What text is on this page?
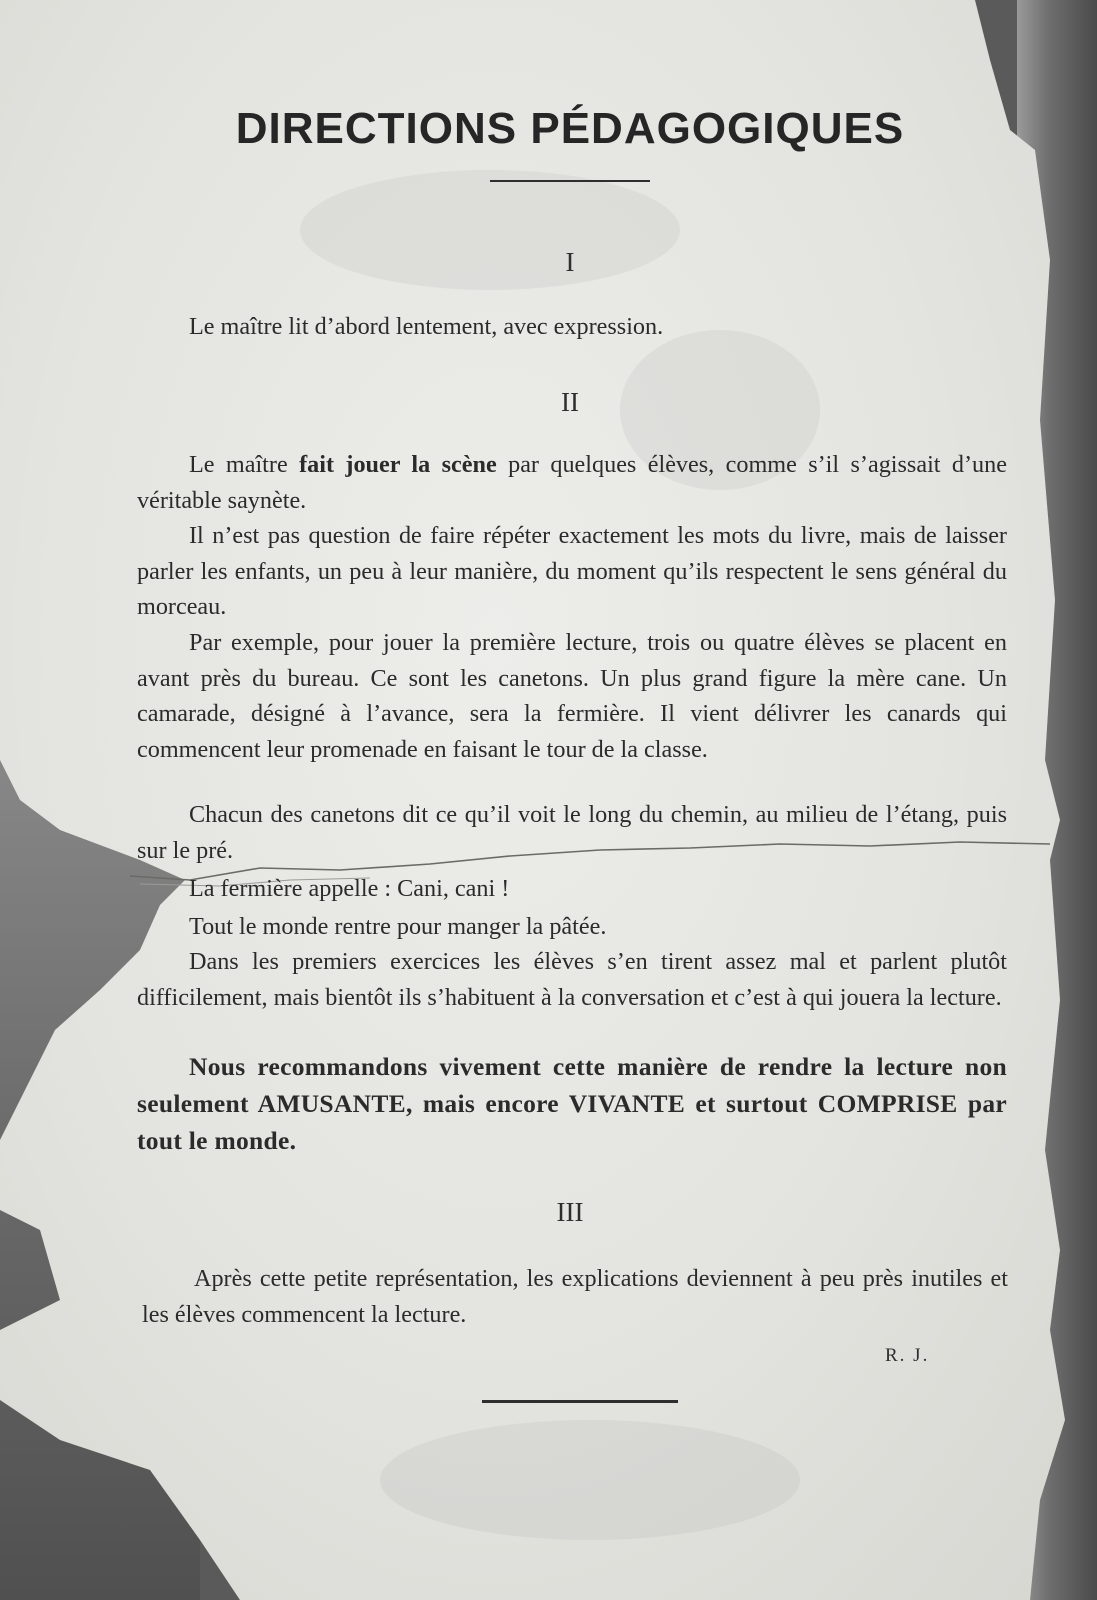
DIRECTIONS PÉDAGOGIQUES
I

Le maître lit d’abord lentement, avec expression.

II

Le maître fait jouer la scène par quelques élèves, comme s’il s’agissait d’une véritable saynète.

Il n’est pas question de faire répéter exactement les mots du livre, mais de laisser parler les enfants, un peu à leur manière, du moment qu’ils respectent le sens général du morceau.

Par exemple, pour jouer la première lecture, trois ou quatre élèves se placent en avant près du bureau. Ce sont les canetons. Un plus grand figure la mère cane. Un camarade, désigné à l’avance, sera la fermière. Il vient délivrer les canards qui commencent leur promenade en faisant le tour de la classe.

Chacun des canetons dit ce qu’il voit le long du chemin, au milieu de l’étang, puis sur le pré.

La fermière appelle : Cani, cani !

Tout le monde rentre pour manger la pâtée.

Dans les premiers exercices les élèves s’en tirent assez mal et parlent plutôt difficilement, mais bientôt ils s’habituent à la conversation et c’est à qui jouera la lecture.

Nous recommandons vivement cette manière de rendre la lecture non seulement AMUSANTE, mais encore VIVANTE et surtout COMPRISE par tout le monde.

III

Après cette petite représentation, les explications deviennent à peu près inutiles et les élèves commencent la lecture.

R. J.
